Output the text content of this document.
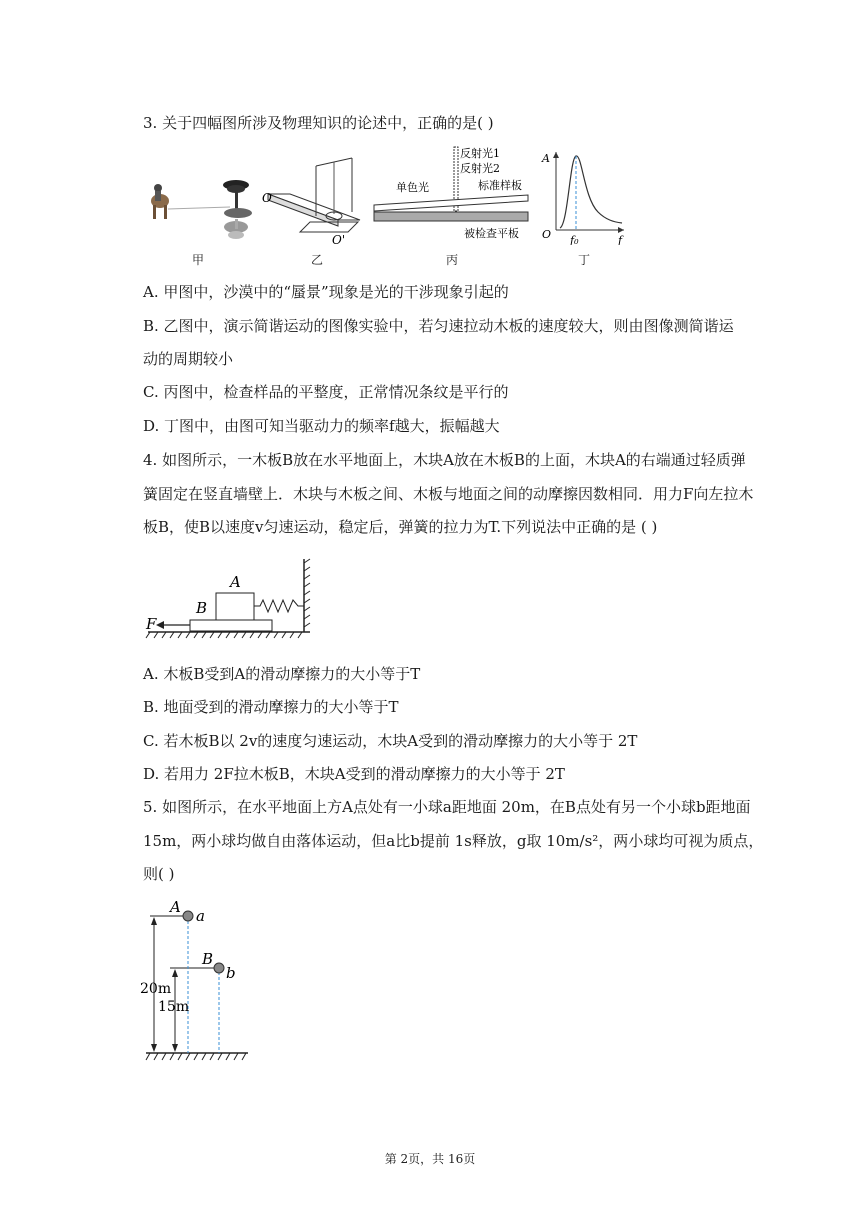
3. 关于四幅图所涉及物理知识的论述中，正确的是( )
O
O'
反射光1
反射光2
单色光	标准样板
被检查平板
A
O f₀	f
甲	乙	丙	丁
A. 甲图中，沙漠中的“蜃景”现象是光的干涉现象引起的
B. 乙图中，演示简谐运动的图像实验中，若匀速拉动木板的速度较大，则由图像测简谐运
动的周期较小
C. 丙图中，检查样品的平整度，正常情况条纹是平行的
D. 丁图中，由图可知当驱动力的频率f越大，振幅越大
4. 如图所示，一木板B放在水平地面上，木块A放在木板B的上面，木块A的右端通过轻质弹
簧固定在竖直墙壁上．木块与木板之间、木板与地面之间的动摩擦因数相同．用力F向左拉木
板B，使B以速度v匀速运动，稳定后，弹簧的拉力为T.下列说法中正确的是 ( )
A
B
F
A. 木板B受到A的滑动摩擦力的大小等于T
B. 地面受到的滑动摩擦力的大小等于T
C. 若木板B以 2v的速度匀速运动，木块A受到的滑动摩擦力的大小等于 2T
D. 若用力 2F拉木板B，木块A受到的滑动摩擦力的大小等于 2T
5. 如图所示，在水平地面上方A点处有一小球a距地面 20m，在B点处有另一个小球b距地面
15m，两小球均做自由落体运动，但a比b提前 1s释放，g取 10m/s²，两小球均可视为质点，
则( )
A a
B
b
20m
15m
第 2页，共 16页
